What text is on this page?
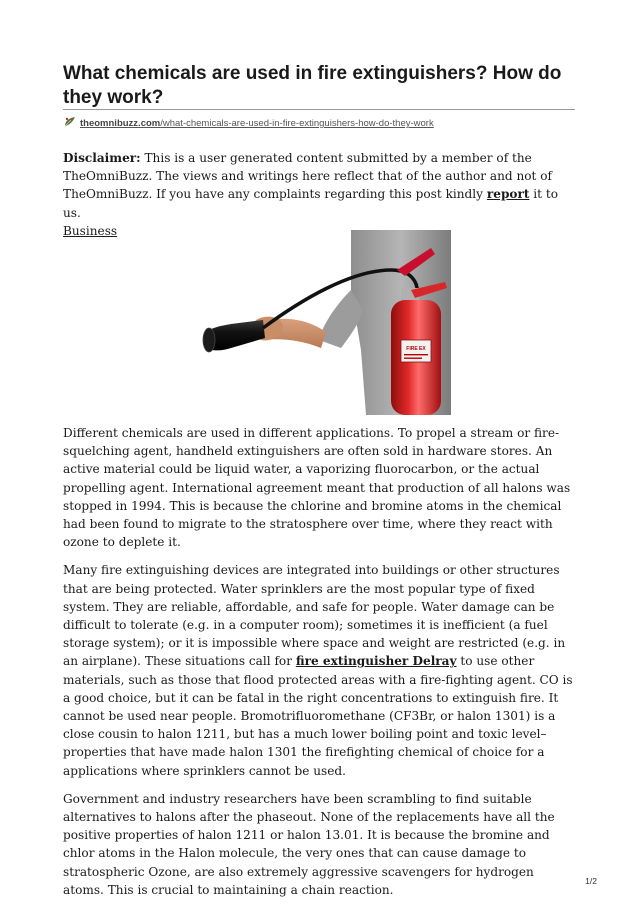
What chemicals are used in fire extinguishers? How do they work?
theomnibuzz.com/what-chemicals-are-used-in-fire-extinguishers-how-do-they-work
Disclaimer: This is a user generated content submitted by a member of the TheOmniBuzz. The views and writings here reflect that of the author and not of TheOmniBuzz. If you have any complaints regarding this post kindly report it to us.
Business
FIRE EX

Different chemicals are used in different applications. To propel a stream or fire-squelching agent, handheld extinguishers are often sold in hardware stores. An active material could be liquid water, a vaporizing fluorocarbon, or the actual propelling agent. International agreement meant that production of all halons was stopped in 1994. This is because the chlorine and bromine atoms in the chemical had been found to migrate to the stratosphere over time, where they react with ozone to deplete it.

Many fire extinguishing devices are integrated into buildings or other structures that are being protected. Water sprinklers are the most popular type of fixed system. They are reliable, affordable, and safe for people. Water damage can be difficult to tolerate (e.g. in a computer room); sometimes it is inefficient (a fuel storage system); or it is impossible where space and weight are restricted (e.g. in an airplane). These situations call for fire extinguisher Delray to use other materials, such as those that flood protected areas with a fire-fighting agent. CO is a good choice, but it can be fatal in the right concentrations to extinguish fire. It cannot be used near people. Bromotrifluoromethane (CF3Br, or halon 1301) is a close cousin to halon 1211, but has a much lower boiling point and toxic level–properties that have made halon 1301 the firefighting chemical of choice for a applications where sprinklers cannot be used.

Government and industry researchers have been scrambling to find suitable alternatives to halons after the phaseout. None of the replacements have all the positive properties of halon 1211 or halon 13.01. It is because the bromine and chlor atoms in the Halon molecule, the very ones that can cause damage to stratospheric Ozone, are also extremely aggressive scavengers for hydrogen atoms. This is crucial to maintaining a chain reaction.

1/2
